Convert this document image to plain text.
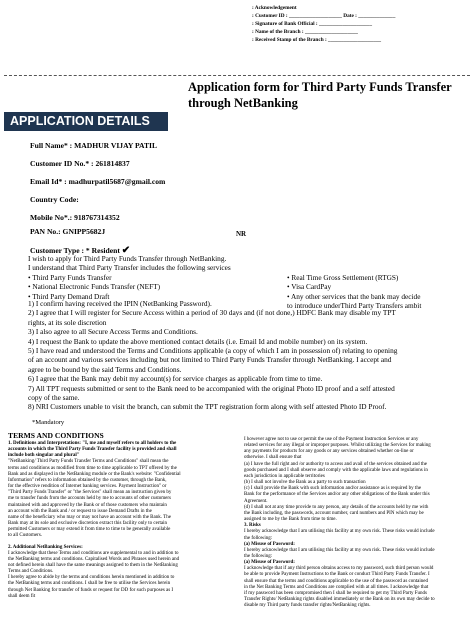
: Acknowledgement
: Customer ID : ____________________ Date : ______________
: Signature of Bank Official : ____________________
: Name of the Branch : ____________________
: Received Stamp of the Branch : ____________________
Application form for Third Party Funds Transfer
through NetBanking
APPLICATION DETAILS
Full Name* : MADHUR VIJAY PATIL
Customer ID No.* : 261814837
Email Id* : madhurpatil5687@gmail.com
Country Code:
Mobile No*.: 918767314352
PAN No.: GNIPP5682J
Customer Type : * Resident ✔
NR
I wish to apply for Third Party Funds Transfer through NetBanking.
I understand that Third Party Transfer includes the following services
• Third Party Funds Transfer
• National Electronic Funds Transfer (NEFT)
• Third Party Demand Draft
• Real Time Gross Settlement (RTGS)
• Visa CardPay
• Any other services that the bank may decide
to introduce underThird Party Transfers ambit
1) I confirm having received the IPIN (NetBanking Password).
2) I agree that I will register for Secure Access within a period of 30 days and (if not done,) HDFC Bank may disable my TPT
rights, at its sole discretion
3) I also agree to all Secure Access Terms and Conditions.
4) I request the Bank to update the above mentioned contact details (i.e. Email Id and mobile number) on its system.
5) I have read and understood the Terms and Conditions applicable (a copy of which I am in possession of) relating to opening
of an account and various services including but not limited to Third Party Funds Transfer through NetBanking. I accept and
agree to be bound by the said Terms and Conditions.
6) I agree that the Bank may debit my account(s) for service charges as applicable from time to time.
7) All TPT requests submitted or sent to the Bank need to be accompanied with the original Photo ID proof and a self attested
copy of the same.
8) NRI Customers unable to visit the branch, can submit the TPT registration form along with self attested Photo ID Proof.
*Mandatory
TERMS AND CONDITIONS
1. Definitions and Interpretations: "I, me and myself refers to all holders to the
accounts in which the Third Party Funds Transfer facility is provided and shall
include both singular and plural"
"NetBanking/ Third Party Funds Transfer Terms and Conditions" shall mean the
terms and conditions as modified from time to time applicable to TPT offered by the
Bank and as displayed in the NetBanking module or the Bank's website: "Confidential
Information" refers to information obtained by the customer, through the Bank,
for the effective rendition of Internet banking services. Payment Instruction" or
"Third Party Funds Transfer" or "the Services" shall mean an instruction given by
me to transfer funds from the accounts held by me to accounts of other customers
maintained with and approved by the Bank or of those customers who maintain
an account with the Bank and / or request to issue Demand Drafts in the
name of the beneficiary who may or may not have an account with the Bank. The
Bank may at its sole and exclusive discretion extract this facility only to certain
permitted Customers or may extend it from time to time to be generally available
to all Customers.
2. Additional NetBanking Services:
I acknowledge that these Terms and conditions are supplemental to and in addition to
the NetBanking terms and conditions. Capitalised Words and Phrases used herein and
not defined herein shall have the same meanings assigned to them in the NetBanking
Terms and Conditions.
I hereby agree to abide by the terms and conditions herein mentioned in addition to
the NetBanking terms and conditions. I shall be free to utilise the Services herein
through Net Banking for transfer of funds or request for DD for such purposes as I
shall deem fit
I however agree not to use or permit the use of the Payment Instruction Services or any
related services for any illegal or improper purposes. Whilst utilizing the Services for making
any payments for products for any goods or any services obtained whether on-line or
otherwise. I shall ensure that
(a) I have the full right and /or authority to access and avail of the services obtained and the
goods purchased and I shall observe and comply with the applicable laws and regulations in
each jurisdiction in applicable territories
(b) I shall not involve the Bank as a party to such transaction
(c) I shall provide the Bank with such information and/or assistance as is required by the
Bank for the performance of the Services and/or any other obligations of the Bank under this
Agreement.
(d) I shall not at any time provide to any person, any details of the accounts held by me with
the Bank including, the passwords, account number, card numbers and PIN which may be
assigned to me by the Bank from time to time.
3. Risks
I hereby acknowledge that I am utilising this facility at my own risk. These risks would include
the following:
(a) Misuse of Password:
I hereby acknowledge that I am utilising this facility at my own risk. These risks would include
the following:
(a) Misuse of Password:
I acknowledge that if any third person obtains access to my password, such third person would
be able to provide Payment Instructions to the Bank or conduct Third Party Funds Transfer. I
shall ensure that the terms and conditions applicable to the use of the password as contained
in the Net Banking Terms and Conditions are complied with at all times. I acknowledge that
if my password has been compromised then I shall be required to get my Third Party Funds
Transfer Rights/ NetBanking rights disabled immediately or the Bank on its own may decide to
disable my Third party funds transfer rights/NetBanking rights.
